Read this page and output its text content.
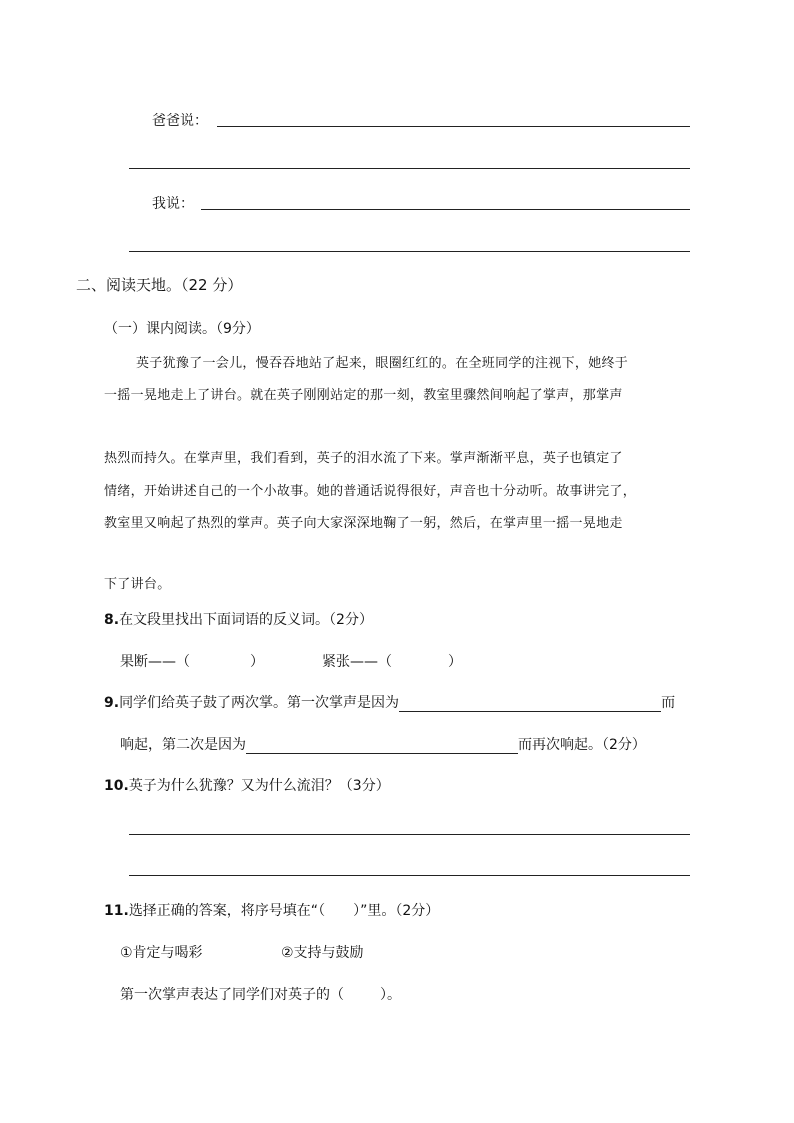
爸爸说：
我说：
二、阅读天地。（22 分）
（一）课内阅读。（9分）
英子犹豫了一会儿，慢吞吞地站了起来，眼圈红红的。在全班同学的注视下，她终于
一摇一晃地走上了讲台。就在英子刚刚站定的那一刻，教室里骤然间响起了掌声，那掌声
热烈而持久。在掌声里，我们看到，英子的泪水流了下来。掌声渐渐平息，英子也镇定了
情绪，开始讲述自己的一个小故事。她的普通话说得很好，声音也十分动听。故事讲完了，
教室里又响起了热烈的掌声。英子向大家深深地鞠了一躬，然后，在掌声里一摇一晃地走
下了讲台。
8.在文段里找出下面词语的反义词。（2分）
果断——（	）	紧张——（	）
9.同学们给英子鼓了两次掌。第一次掌声是因为	而
响起，第二次是因为	而再次响起。（2分）
10.英子为什么犹豫？又为什么流泪？（3分）
11.选择正确的答案，将序号填在“（　　）”里。（2分）
①肯定与喝彩	②支持与鼓励
第一次掌声表达了同学们对英子的（	）。
